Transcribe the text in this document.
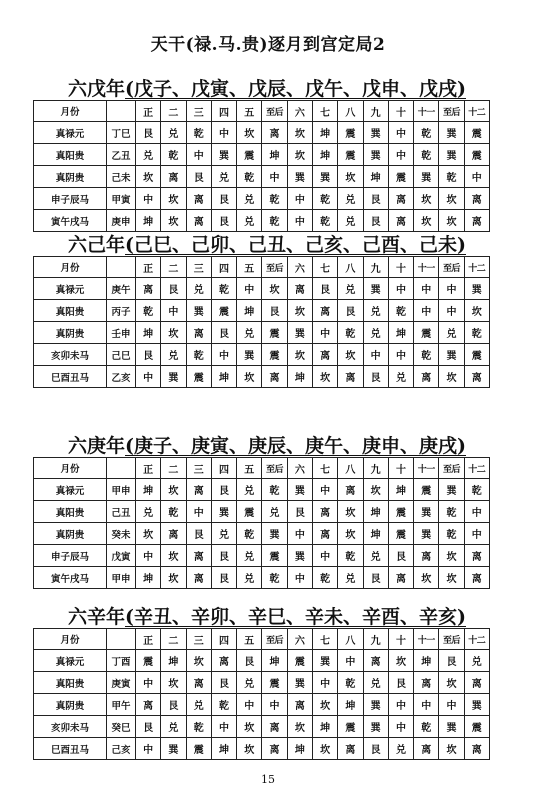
天干(禄.马.贵)逐月到宫定局2
六戊年(戊子、戊寅、戊辰、戊午、戊申、戊戌)
月份		正	二	三	四	五	至后	六	七	八	九	十	十一	至后	十二
真禄元	丁巳	艮	兑	乾	中	坎	离	坎	坤	震	巽	中	乾	巽	震
真阳贵	乙丑	兑	乾	中	巽	震	坤	坎	坤	震	巽	中	乾	巽	震
真阴贵	己未	坎	离	艮	兑	乾	中	巽	巽	坎	坤	震	巽	乾	中
申子辰马	甲寅	中	坎	离	艮	兑	乾	中	乾	兑	艮	离	坎	坎	离
寅午戌马	庚申	坤	坎	离	艮	兑	乾	中	乾	兑	艮	离	坎	坎	离
六己年(己巳、己卯、己丑、己亥、己酉、己未)
月份		正	二	三	四	五	至后	六	七	八	九	十	十一	至后	十二
真禄元	庚午	离	艮	兑	乾	中	坎	离	艮	兑	巽	中	中	中	巽
真阳贵	丙子	乾	中	巽	震	坤	艮	坎	离	艮	兑	乾	中	中	坎
真阴贵	壬申	坤	坎	离	艮	兑	震	巽	中	乾	兑	坤	震	兑	乾
亥卯未马	己巳	艮	兑	乾	中	巽	震	坎	离	坎	中	中	乾	巽	震
巳酉丑马	乙亥	中	巽	震	坤	坎	离	坤	坎	离	艮	兑	离	坎	离
六庚年(庚子、庚寅、庚辰、庚午、庚申、庚戌)
月份		正	二	三	四	五	至后	六	七	八	九	十	十一	至后	十二
真禄元	甲申	坤	坎	离	艮	兑	乾	巽	中	离	坎	坤	震	巽	乾
真阳贵	己丑	兑	乾	中	巽	震	兑	艮	离	坎	坤	震	巽	乾	中
真阴贵	癸未	坎	离	艮	兑	乾	巽	中	离	坎	坤	震	巽	乾	中
申子辰马	戊寅	中	坎	离	艮	兑	震	巽	中	乾	兑	艮	离	坎	离
寅午戌马	甲申	坤	坎	离	艮	兑	乾	中	乾	兑	艮	离	坎	坎	离
六辛年(辛丑、辛卯、辛巳、辛未、辛酉、辛亥)
月份		正	二	三	四	五	至后	六	七	八	九	十	十一	至后	十二
真禄元	丁酉	震	坤	坎	离	艮	坤	震	巽	中	离	坎	坤	艮	兑
真阳贵	庚寅	中	坎	离	艮	兑	震	巽	中	乾	兑	艮	离	坎	离
真阴贵	甲午	离	艮	兑	乾	中	中	离	坎	坤	巽	中	中	中	巽
亥卯未马	癸巳	艮	兑	乾	中	坎	离	坎	坤	震	巽	中	乾	巽	震
巳酉丑马	己亥	中	巽	震	坤	坎	离	坤	坎	离	艮	兑	离	坎	离
15
